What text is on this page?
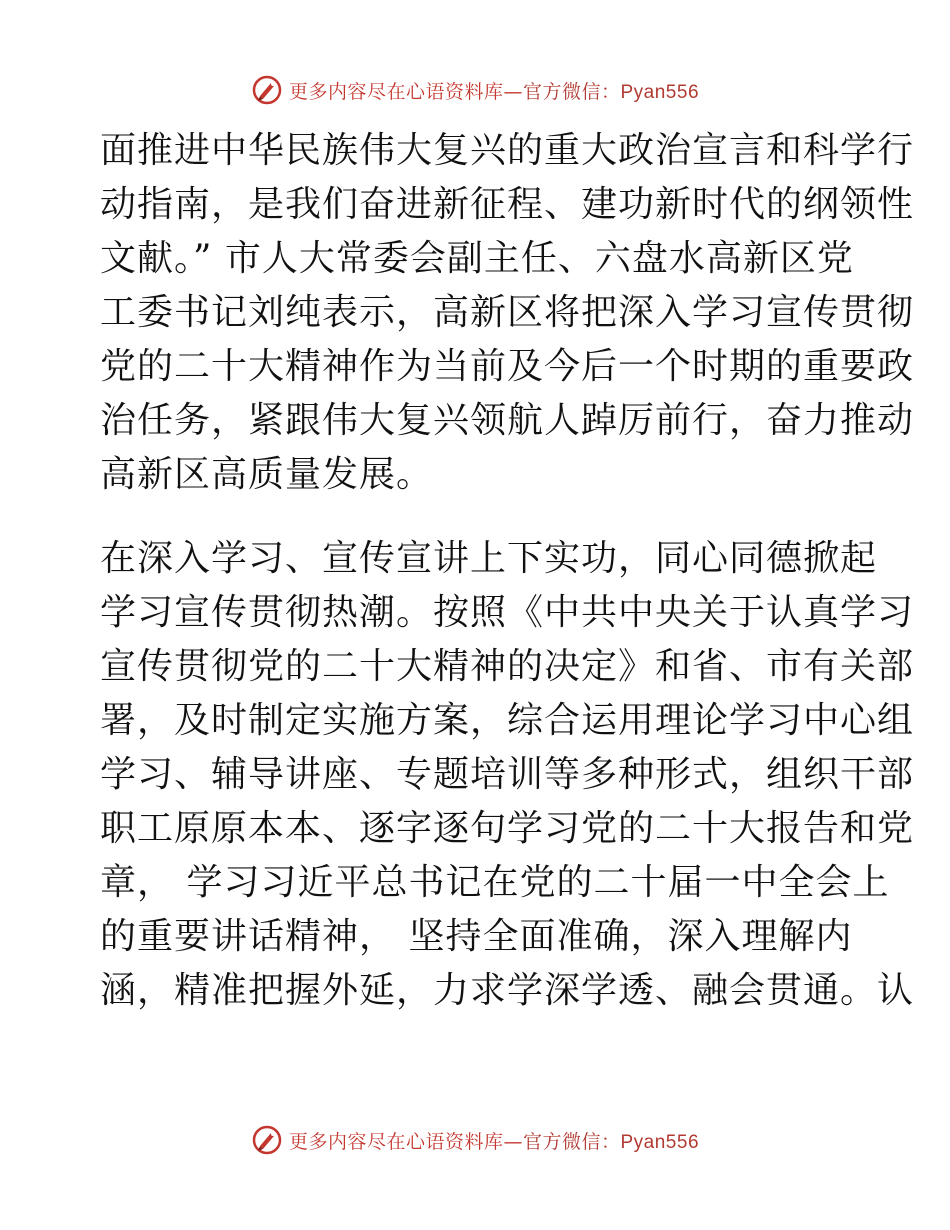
更多内容尽在心语资料库—官方微信：Pyan556
面推进中华民族伟大复兴的重大政治宣言和科学行
动指南，是我们奋进新征程、建功新时代的纲领性
文献。” 市人大常委会副主任、六盘水高新区党
工委书记刘纯表示，高新区将把深入学习宣传贯彻
党的二十大精神作为当前及今后一个时期的重要政
治任务，紧跟伟大复兴领航人踔厉前行，奋力推动
高新区高质量发展。
在深入学习、宣传宣讲上下实功，同心同德掀起
学习宣传贯彻热潮。按照《中共中央关于认真学习
宣传贯彻党的二十大精神的决定》和省、市有关部
署，及时制定实施方案，综合运用理论学习中心组
学习、辅导讲座、专题培训等多种形式，组织干部
职工原原本本、逐字逐句学习党的二十大报告和党
章， 学习习近平总书记在党的二十届一中全会上
的重要讲话精神， 坚持全面准确，深入理解内
涵，精准把握外延，力求学深学透、融会贯通。认
更多内容尽在心语资料库—官方微信：Pyan556
